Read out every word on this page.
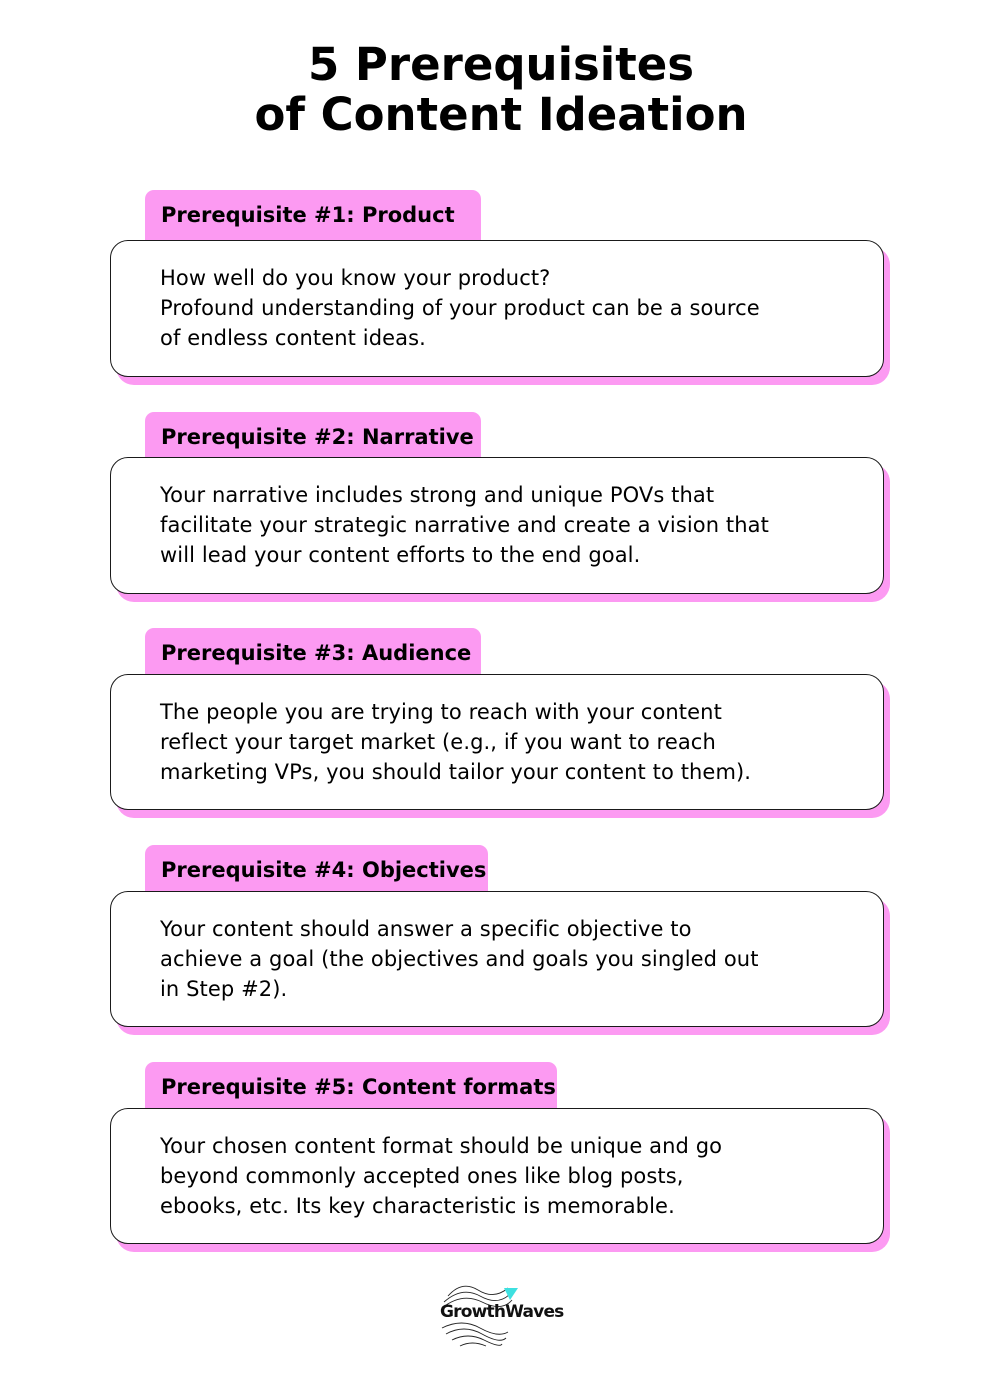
5 Prerequisites
of Content Ideation
Prerequisite #1: Product

How well do you know your product?
Profound understanding of your product can be a source
of endless content ideas.

Prerequisite #2: Narrative

Your narrative includes strong and unique POVs that
facilitate your strategic narrative and create a vision that
will lead your content efforts to the end goal.

Prerequisite #3: Audience

The people you are trying to reach with your content
reflect your target market (e.g., if you want to reach
marketing VPs, you should tailor your content to them).

Prerequisite #4: Objectives

Your content should answer a specific objective to
achieve a goal (the objectives and goals you singled out
in Step #2).

Prerequisite #5: Content formats

Your chosen content format should be unique and go
beyond commonly accepted ones like blog posts,
ebooks, etc. Its key characteristic is memorable.

GrowthWaves
